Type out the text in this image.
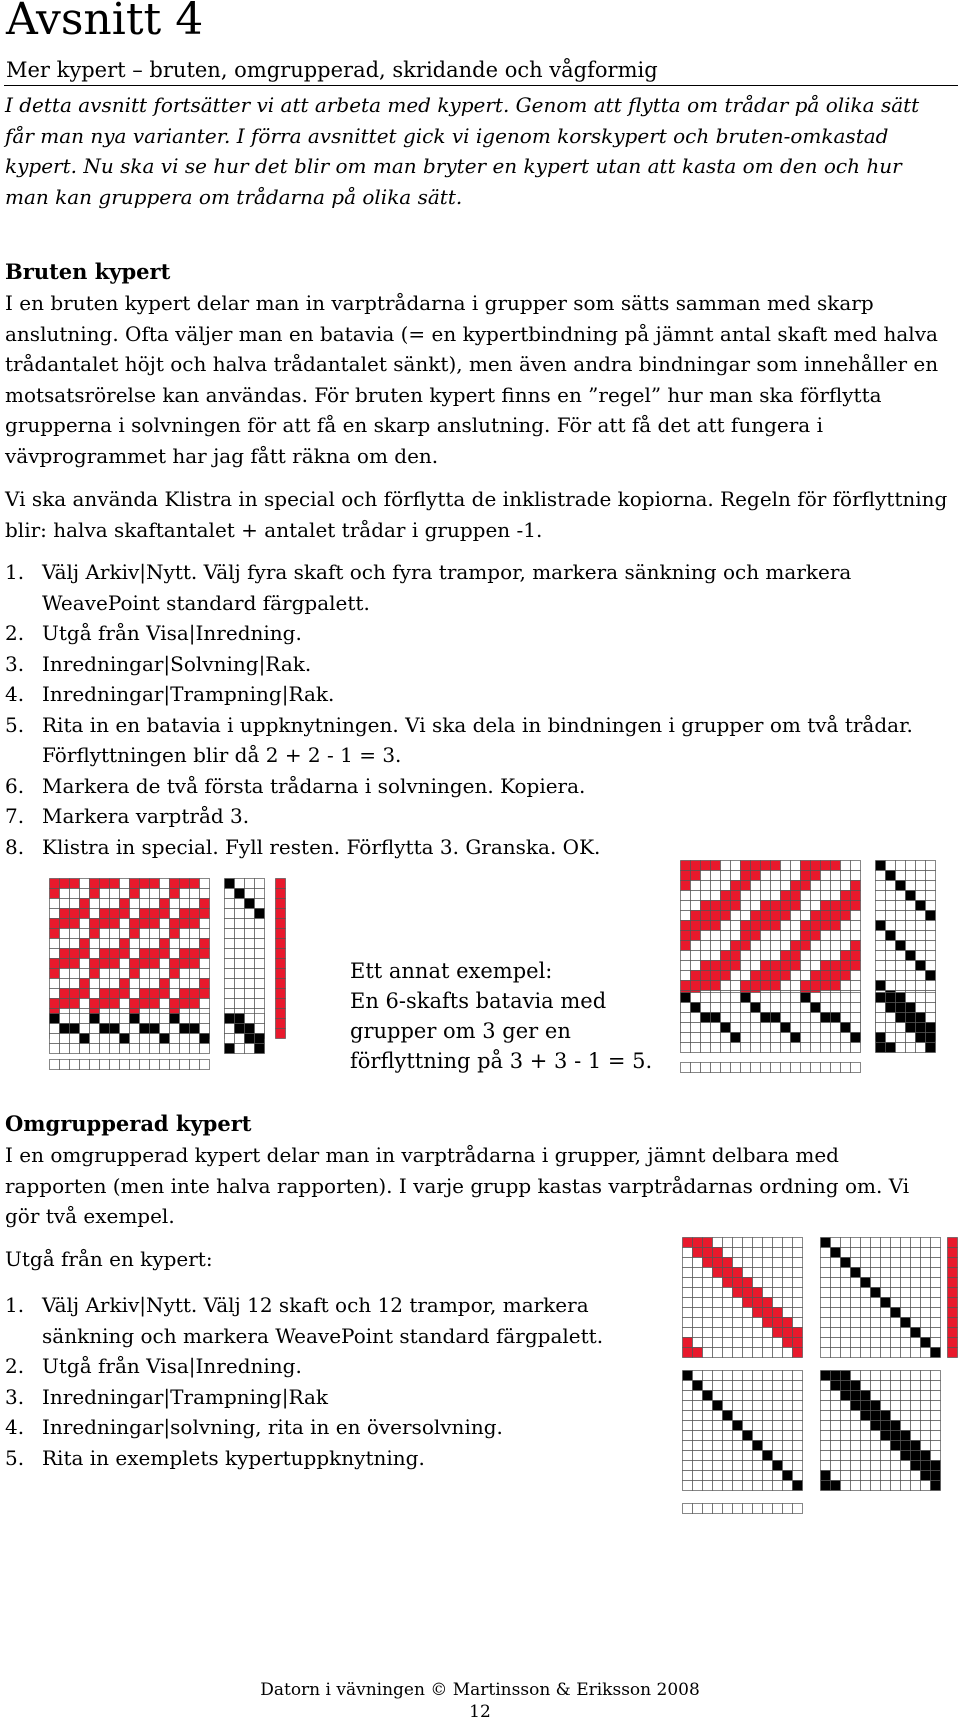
Avsnitt 4
Mer kypert – bruten, omgrupperad, skridande och vågformig

I detta avsnitt fortsätter vi att arbeta med kypert. Genom att flytta om trådar på olika sätt får man nya varianter. I förra avsnittet gick vi igenom korskypert och bruten-omkastad kypert. Nu ska vi se hur det blir om man bryter en kypert utan att kasta om den och hur man kan gruppera om trådarna på olika sätt.

Bruten kypert

I en bruten kypert delar man in varptrådarna i grupper som sätts samman med skarp anslutning. Ofta väljer man en batavia (= en kypertbindning på jämnt antal skaft med halva trådantalet höjt och halva trådantalet sänkt), men även andra bindningar som innehåller en motsatsrörelse kan användas. För bruten kypert finns en ”regel” hur man ska förflytta grupperna i solvningen för att få en skarp anslutning. För att få det att fungera i vävprogrammet har jag fått räkna om den.

Vi ska använda Klistra in special och förflytta de inklistrade kopiorna. Regeln för förflyttning blir: halva skaftantalet + antalet trådar i gruppen -1.

1. Välj Arkiv|Nytt. Välj fyra skaft och fyra trampor, markera sänkning och markera WeavePoint standard färgpalett.
2. Utgå från Visa|Inredning.
3. Inredningar|Solvning|Rak.
4. Inredningar|Trampning|Rak.
5. Rita in en batavia i uppknytningen. Vi ska dela in bindningen i grupper om två trådar. Förflyttningen blir då 2 + 2 - 1 = 3.
6. Markera de två första trådarna i solvningen. Kopiera.
7. Markera varptråd 3.
8. Klistra in special. Fyll resten. Förflytta 3. Granska. OK.
Ett annat exempel:
En 6-skafts batavia med
grupper om 3 ger en
förflyttning på 3 + 3 - 1 = 5.
Omgrupperad kypert

I en omgrupperad kypert delar man in varptrådarna i grupper, jämnt delbara med rapporten (men inte halva rapporten). I varje grupp kastas varptrådarnas ordning om. Vi gör två exempel.

Utgå från en kypert:

1. Välj Arkiv|Nytt. Välj 12 skaft och 12 trampor, markera sänkning och markera WeavePoint standard färgpalett.
2. Utgå från Visa|Inredning.
3. Inredningar|Trampning|Rak
4. Inredningar|solvning, rita in en översolvning.
5. Rita in exemplets kypertuppknytning.
Datorn i vävningen © Martinsson & Eriksson 2008
12
